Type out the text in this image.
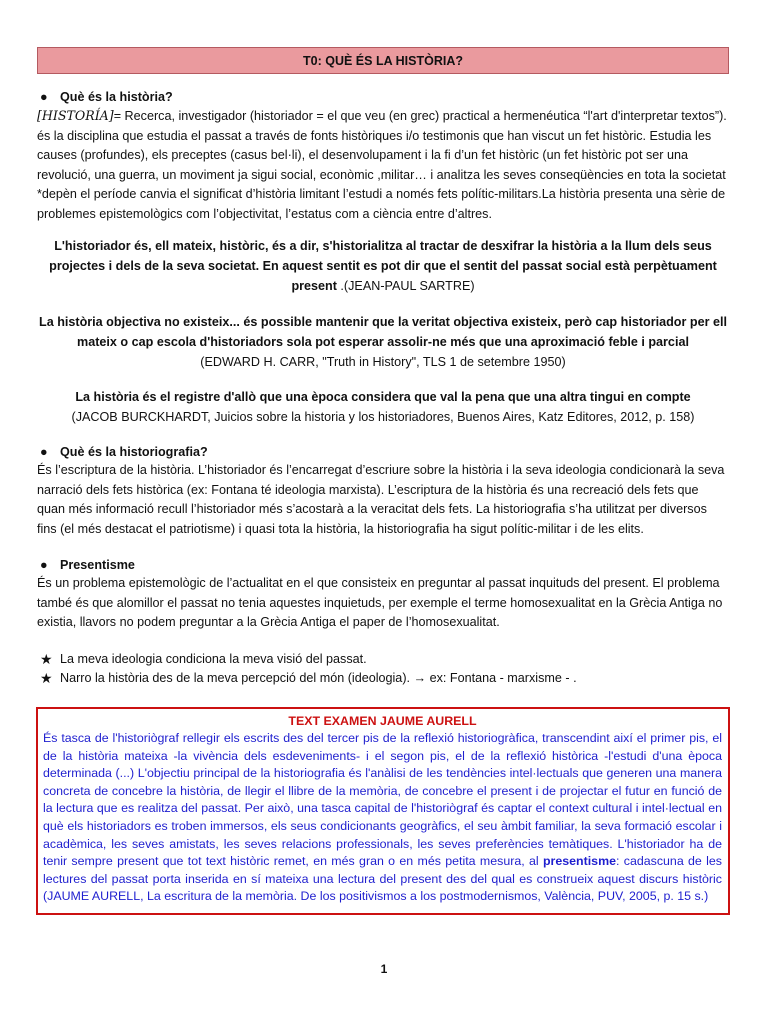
T0: QUÈ ÉS LA HISTÒRIA?
● Què és la història?

[HISTORÍA]= Recerca, investigador (historiador = el que veu (en grec) practical a hermenéutica “l'art d'interpretar textos”). és la disciplina que estudia el passat a través de fonts històriques i/o testimonis que han viscut un fet històric. Estudia les causes (profundes), els preceptes (casus bel·li), el desenvolupament i la fi d’un fet històric (un fet històric pot ser una revolució, una guerra, un moviment ja sigui social, econòmic ,militar… i analitza les seves conseqüències en tota la societat *depèn el període canvia el significat d’història limitant l’estudi a només fets polític-militars.La història presenta una sèrie de problemes epistemològics com l’objectivitat, l’estatus com a ciència entre d’altres.

L'historiador és, ell mateix, històric, és a dir, s'historialitza al tractar de desxifrar la història a la llum dels seus projectes i dels de la seva societat. En aquest sentit es pot dir que el sentit del passat social està perpètuament present .(JEAN-PAUL SARTRE)

La història objectiva no existeix... és possible mantenir que la veritat objectiva existeix, però cap historiador per ell mateix o cap escola d'historiadors sola pot esperar assolir-ne més que una aproximació feble i parcial
(EDWARD H. CARR, "Truth in History", TLS 1 de setembre 1950)

La història és el registre d'allò que una època considera que val la pena que una altra tingui en compte
(JACOB BURCKHARDT, Juicios sobre la historia y los historiadores, Buenos Aires, Katz Editores, 2012, p. 158)

● Què és la historiografia?

És l’escriptura de la història. L’historiador és l’encarregat d’escriure sobre la història i la seva ideologia condicionarà la seva narració dels fets històrica (ex: Fontana té ideologia marxista). L’escriptura de la història és una recreació dels fets que quan més informació recull l’historiador més s’acostarà a la veracitat dels fets. La historiografia s’ha utilitzat per diversos fins (el més destacat el patriotisme) i quasi tota la història, la historiografia ha sigut polític-militar i de les elits.

● Presentisme

És un problema epistemològic de l’actualitat en el que consisteix en preguntar al passat inquituds del present. El problema també és que alomillor el passat no tenia aquestes inquietuds, per exemple el terme homosexualitat en la Grècia Antiga no existia, llavors no podem preguntar a la Grècia Antiga el paper de l’homosexualitat.

★ La meva ideologia condiciona la meva visió del passat.
★ Narro la història des de la meva percepció del món (ideologia). → ex: Fontana - marxisme - .
TEXT EXAMEN JAUME AURELL

És tasca de l'historiògraf rellegir els escrits des del tercer pis de la reflexió historiogràfica, transcendint així el primer pis, el de la història mateixa -la vivència dels esdeveniments- i el segon pis, el de la reflexió històrica -l'estudi d'una època determinada (...) L'objectiu principal de la historiografia és l'anàlisi de les tendències intel·lectuals que generen una manera concreta de concebre la història, de llegir el llibre de la memòria, de concebre el present i de projectar el futur en funció de la lectura que es realitza del passat. Per això, una tasca capital de l'historiògraf és captar el context cultural i intel·lectual en què els historiadors es troben immersos, els seus condicionants geogràfics, el seu àmbit familiar, la seva formació escolar i acadèmica, les seves amistats, les seves relacions professionals, les seves preferències temàtiques. L'historiador ha de tenir sempre present que tot text històric remet, en més gran o en més petita mesura, al presentisme: cadascuna de les lectures del passat porta inserida en sí mateixa una lectura del present des del qual es construeix aquest discurs històric (JAUME AURELL, La escritura de la memòria. De los positivismos a los postmodernismos, València, PUV, 2005, p. 15 s.)

1
